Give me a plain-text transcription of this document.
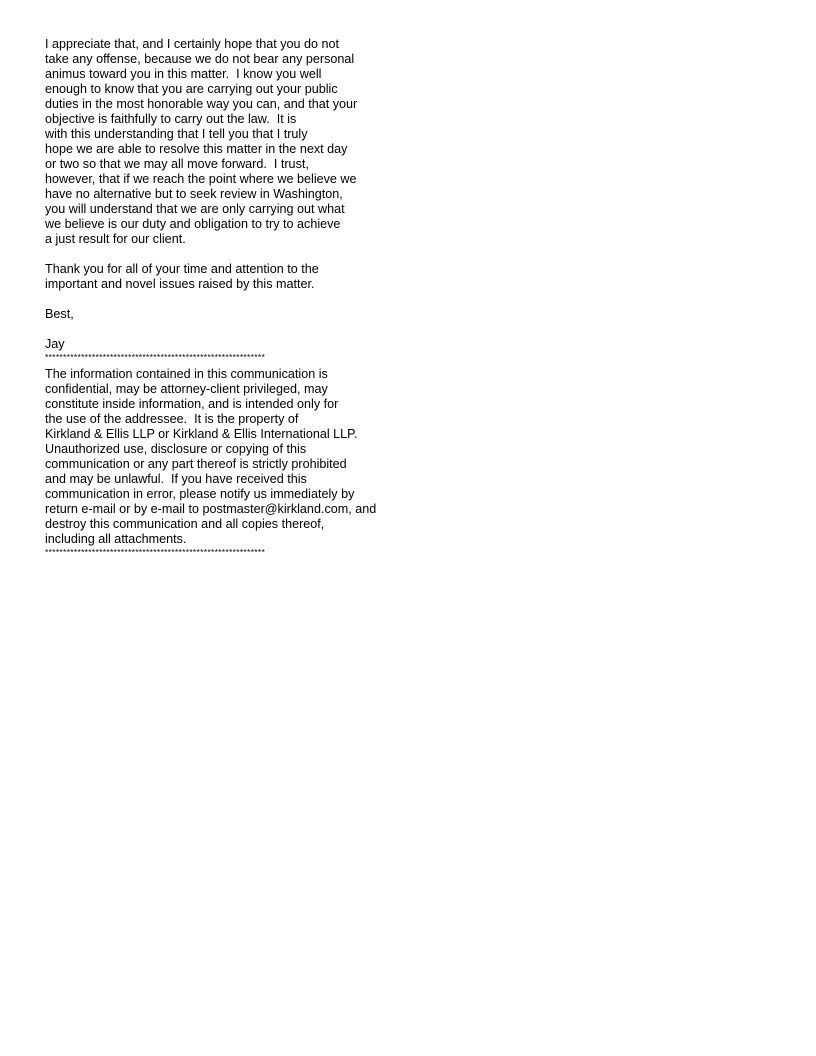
I appreciate that, and I certainly hope that you do not
take any offense, because we do not bear any personal
animus toward you in this matter.  I know you well
enough to know that you are carrying out your public
duties in the most honorable way you can, and that your
objective is faithfully to carry out the law.  It is
with this understanding that I tell you that I truly
hope we are able to resolve this matter in the next day
or two so that we may all move forward.  I trust,
however, that if we reach the point where we believe we
have no alternative but to seek review in Washington,
you will understand that we are only carrying out what
we believe is our duty and obligation to try to achieve
a just result for our client.
Thank you for all of your time and attention to the
important and novel issues raised by this matter.
Best,
Jay
*************************************************************
The information contained in this communication is
confidential, may be attorney-client privileged, may
constitute inside information, and is intended only for
the use of the addressee.  It is the property of
Kirkland & Ellis LLP or Kirkland & Ellis International LLP.
Unauthorized use, disclosure or copying of this
communication or any part thereof is strictly prohibited
and may be unlawful.  If you have received this
communication in error, please notify us immediately by
return e-mail or by e-mail to postmaster@kirkland.com, and
destroy this communication and all copies thereof,
including all attachments.
*************************************************************
